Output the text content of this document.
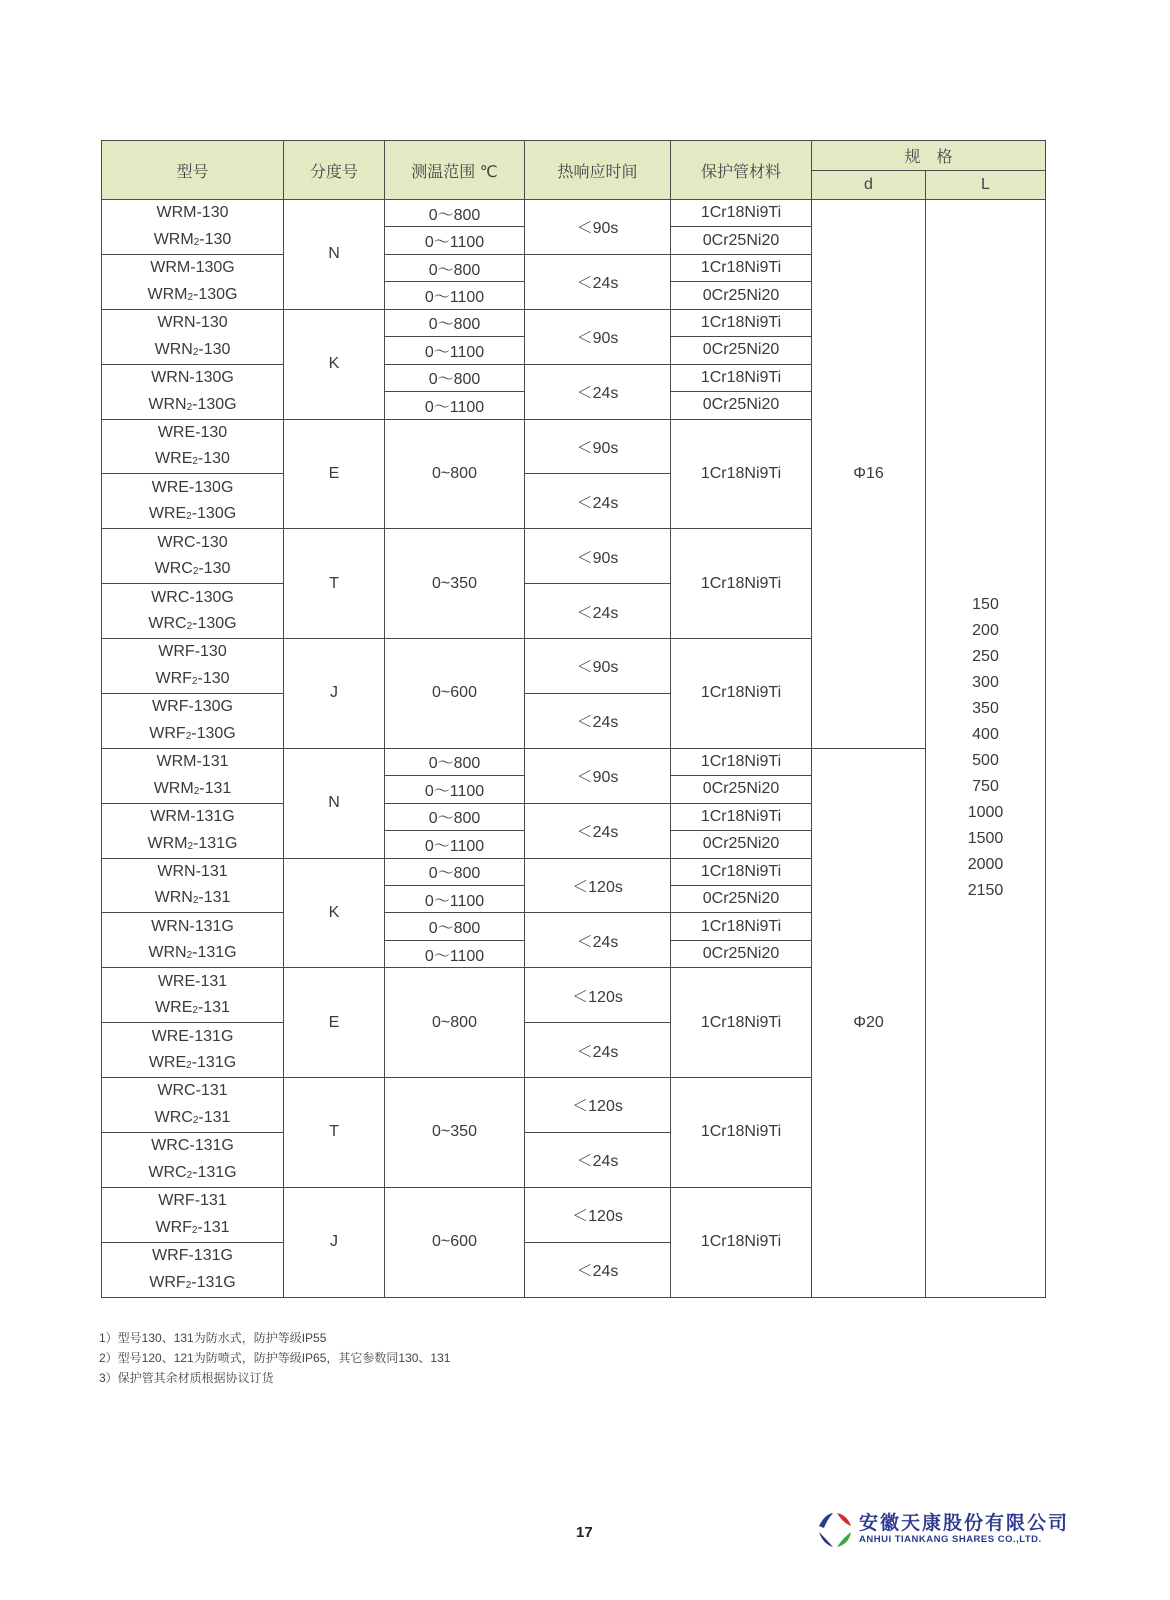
型号	分度号	测温范围 ℃	热响应时间	保护管材料	规　格
d	L

WRM-130
$WRM_2-130$
	N	0～800	＜90s	1Cr18Ni9Ti	Φ16	
150
200
250
300
350
400
500
750
1000
1500
2000
2150

0～1100	0Cr25Ni20

WRM-130G
$WRM_2-130G$
	0～800	＜24s	1Cr18Ni9Ti
0～1100	0Cr25Ni20

WRN-130
$WRN_2-130$
	K	0～800	＜90s	1Cr18Ni9Ti
0～1100	0Cr25Ni20

WRN-130G
$WRN_2-130G$
	0～800	＜24s	1Cr18Ni9Ti
0～1100	0Cr25Ni20

WRE-130
$WRE_2-130$
	E	0~800	＜90s	1Cr18Ni9Ti

WRE-130G
$WRE_2-130G$
	＜24s

WRC-130
$WRC_2-130$
	T	0~350	＜90s	1Cr18Ni9Ti

WRC-130G
$WRC_2-130G$
	＜24s

WRF-130
$WRF_2-130$
	J	0~600	＜90s	1Cr18Ni9Ti

WRF-130G
$WRF_2-130G$
	＜24s

WRM-131
$WRM_2-131$
	N	0～800	＜90s	1Cr18Ni9Ti	Φ20
0～1100	0Cr25Ni20

WRM-131G
$WRM_2-131G$
	0～800	＜24s	1Cr18Ni9Ti
0～1100	0Cr25Ni20

WRN-131
$WRN_2-131$
	K	0～800	＜120s	1Cr18Ni9Ti
0～1100	0Cr25Ni20

WRN-131G
$WRN_2-131G$
	0～800	＜24s	1Cr18Ni9Ti
0～1100	0Cr25Ni20

WRE-131
$WRE_2-131$
	E	0~800	＜120s	1Cr18Ni9Ti

WRE-131G
$WRE_2-131G$
	＜24s

WRC-131
$WRC_2-131$
	T	0~350	＜120s	1Cr18Ni9Ti

WRC-131G
$WRC_2-131G$
	＜24s

WRF-131
$WRF_2-131$
	J	0~600	＜120s	1Cr18Ni9Ti

WRF-131G
$WRF_2-131G$
	＜24s

1）型号130、131为防水式，防护等级IP55
2）型号120、121为防喷式，防护等级IP65，其它参数同130、131
3）保护管其余材质根据协议订货
17	安徽天康股份有限公司
ANHUI TIANKANG SHARES CO.,LTD.
